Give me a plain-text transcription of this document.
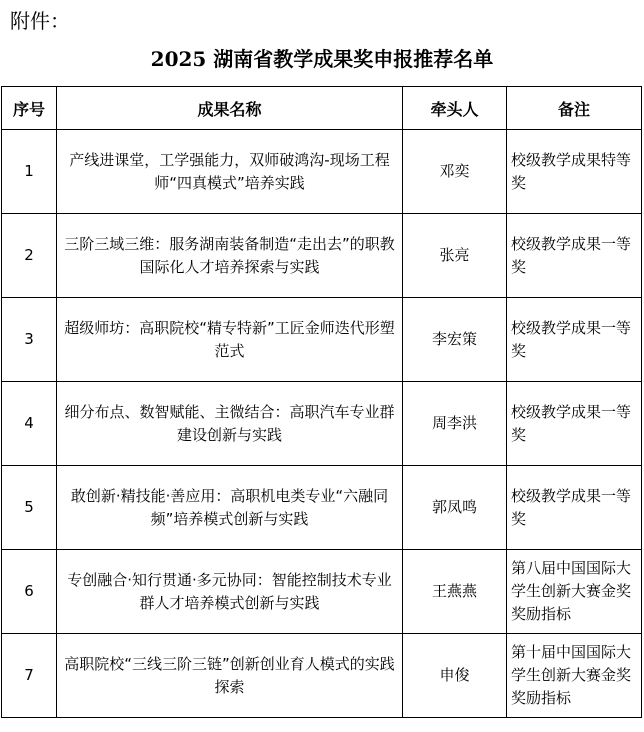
附件：
2025 湖南省教学成果奖申报推荐名单
序号	成果名称	牵头人	备注
1	产线进课堂，工学强能力，双师破鸿沟-现场工程师“四真模式”培养实践	邓奕	校级教学成果特等奖
2	三阶三域三维：服务湖南装备制造“走出去”的职教国际化人才培养探索与实践	张亮	校级教学成果一等奖
3	超级师坊：高职院校“精专特新”工匠金师迭代形塑范式	李宏策	校级教学成果一等奖
4	细分布点、数智赋能、主微结合：高职汽车专业群建设创新与实践	周李洪	校级教学成果一等奖
5	敢创新·精技能·善应用：高职机电类专业“六融同频”培养模式创新与实践	郭凤鸣	校级教学成果一等奖
6	专创融合·知行贯通·多元协同：智能控制技术专业群人才培养模式创新与实践	王燕燕	第八届中国国际大学生创新大赛金奖奖励指标
7	高职院校“三线三阶三链”创新创业育人模式的实践探索	申俊	第十届中国国际大学生创新大赛金奖奖励指标
